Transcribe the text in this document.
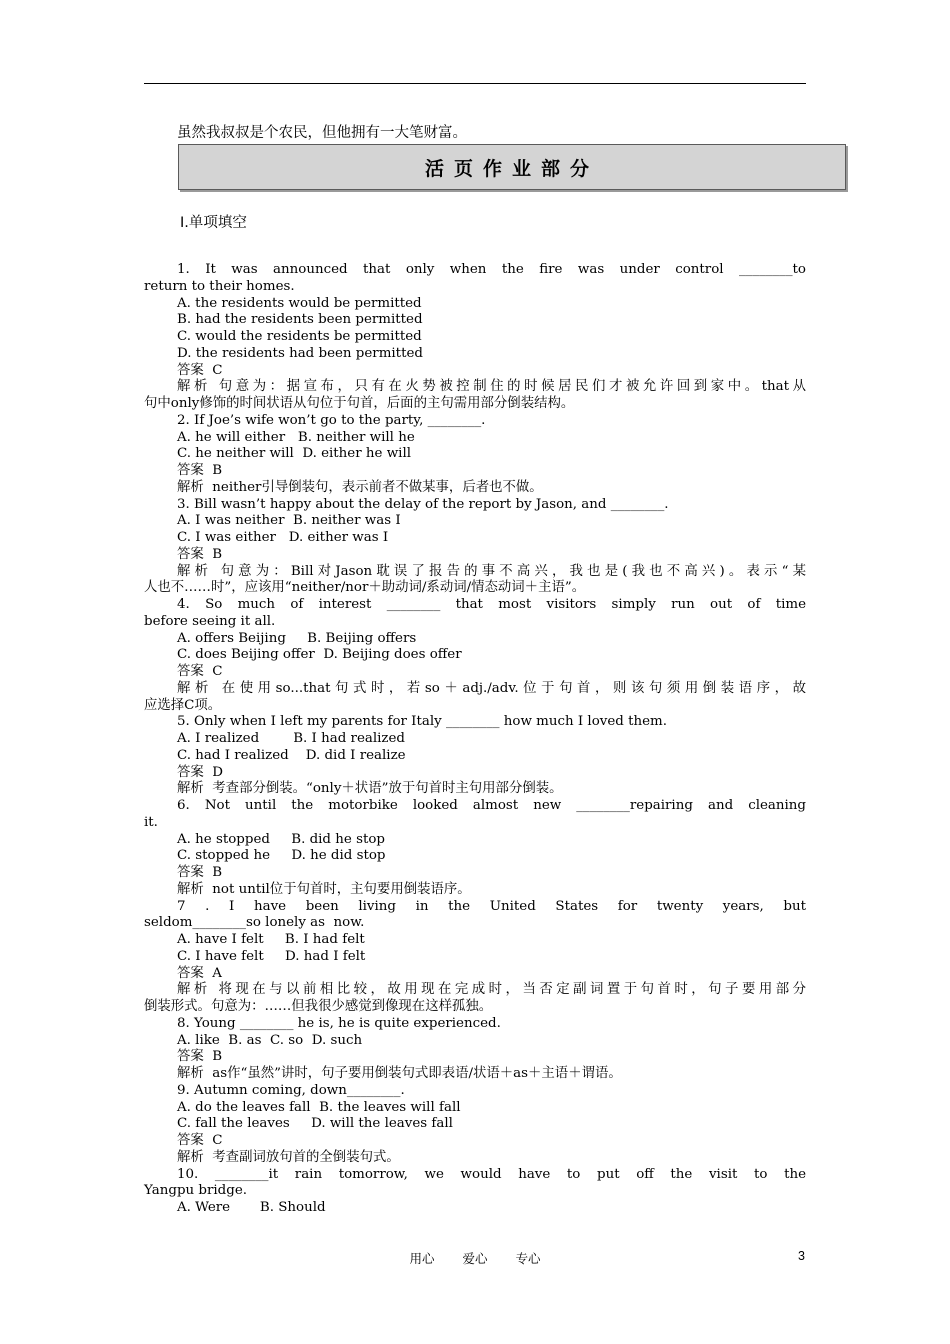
虽然我叔叔是个农民，但他拥有一大笔财富。
活页作业部分
Ⅰ.单项填空
1. It was announced that only when the fire was under control ________to
return to their homes.
A. the residents would be permitted
B. had the residents been permitted
C. would the residents be permitted
D. the residents had been permitted
答案  C
解析 句意为：据宣布，只有在火势被控制住的时候居民们才被允许回到家中。that从
句中only修饰的时间状语从句位于句首，后面的主句需用部分倒装结构。
2. If Joe’s wife won’t go to the party, ________.
A. he will either   B. neither will he
C. he neither will  D. either he will
答案  B
解析  neither引导倒装句，表示前者不做某事，后者也不做。
3. Bill wasn’t happy about the delay of the report by Jason, and ________.
A. I was neither  B. neither was I
C. I was either   D. either was I
答案  B
解析 句意为：Bill对Jason耽误了报告的事不高兴，我也是(我也不高兴)。表示“某
人也不……时”，应该用“neither/nor＋助动词/系动词/情态动词＋主语”。
4. So much of interest ________ that most visitors simply run out of time
before seeing it all.
A. offers Beijing     B. Beijing offers
C. does Beijing offer  D. Beijing does offer
答案  C
解析 在使用so...that句式时，若so＋adj./adv.位于句首，则该句须用倒装语序，故
应选择C项。
5. Only when I left my parents for Italy ________ how much I loved them.
A. I realized        B. I had realized
C. had I realized    D. did I realize
答案  D
解析  考查部分倒装。“only＋状语”放于句首时主句用部分倒装。
6. Not until the motorbike looked almost new ________repairing and cleaning
it.
A. he stopped     B. did he stop
C. stopped he     D. he did stop
答案  B
解析  not until位于句首时，主句要用倒装语序。
7 . I have been living in the United States for twenty years, but
seldom________so lonely as  now.
A. have I felt     B. I had felt
C. I have felt     D. had I felt
答案  A
解析 将现在与以前相比较，故用现在完成时，当否定副词置于句首时，句子要用部分
倒装形式。句意为：……但我很少感觉到像现在这样孤独。
8. Young ________ he is, he is quite experienced.
A. like  B. as  C. so  D. such
答案  B
解析  as作“虽然”讲时，句子要用倒装句式即表语/状语＋as＋主语＋谓语。
9. Autumn coming, down________.
A. do the leaves fall  B. the leaves will fall
C. fall the leaves     D. will the leaves fall
答案  C
解析  考查副词放句首的全倒装句式。
10. ________it rain tomorrow, we would have to put off the visit to the
Yangpu bridge.
A. Were       B. Should
用心 爱心 专心	3
